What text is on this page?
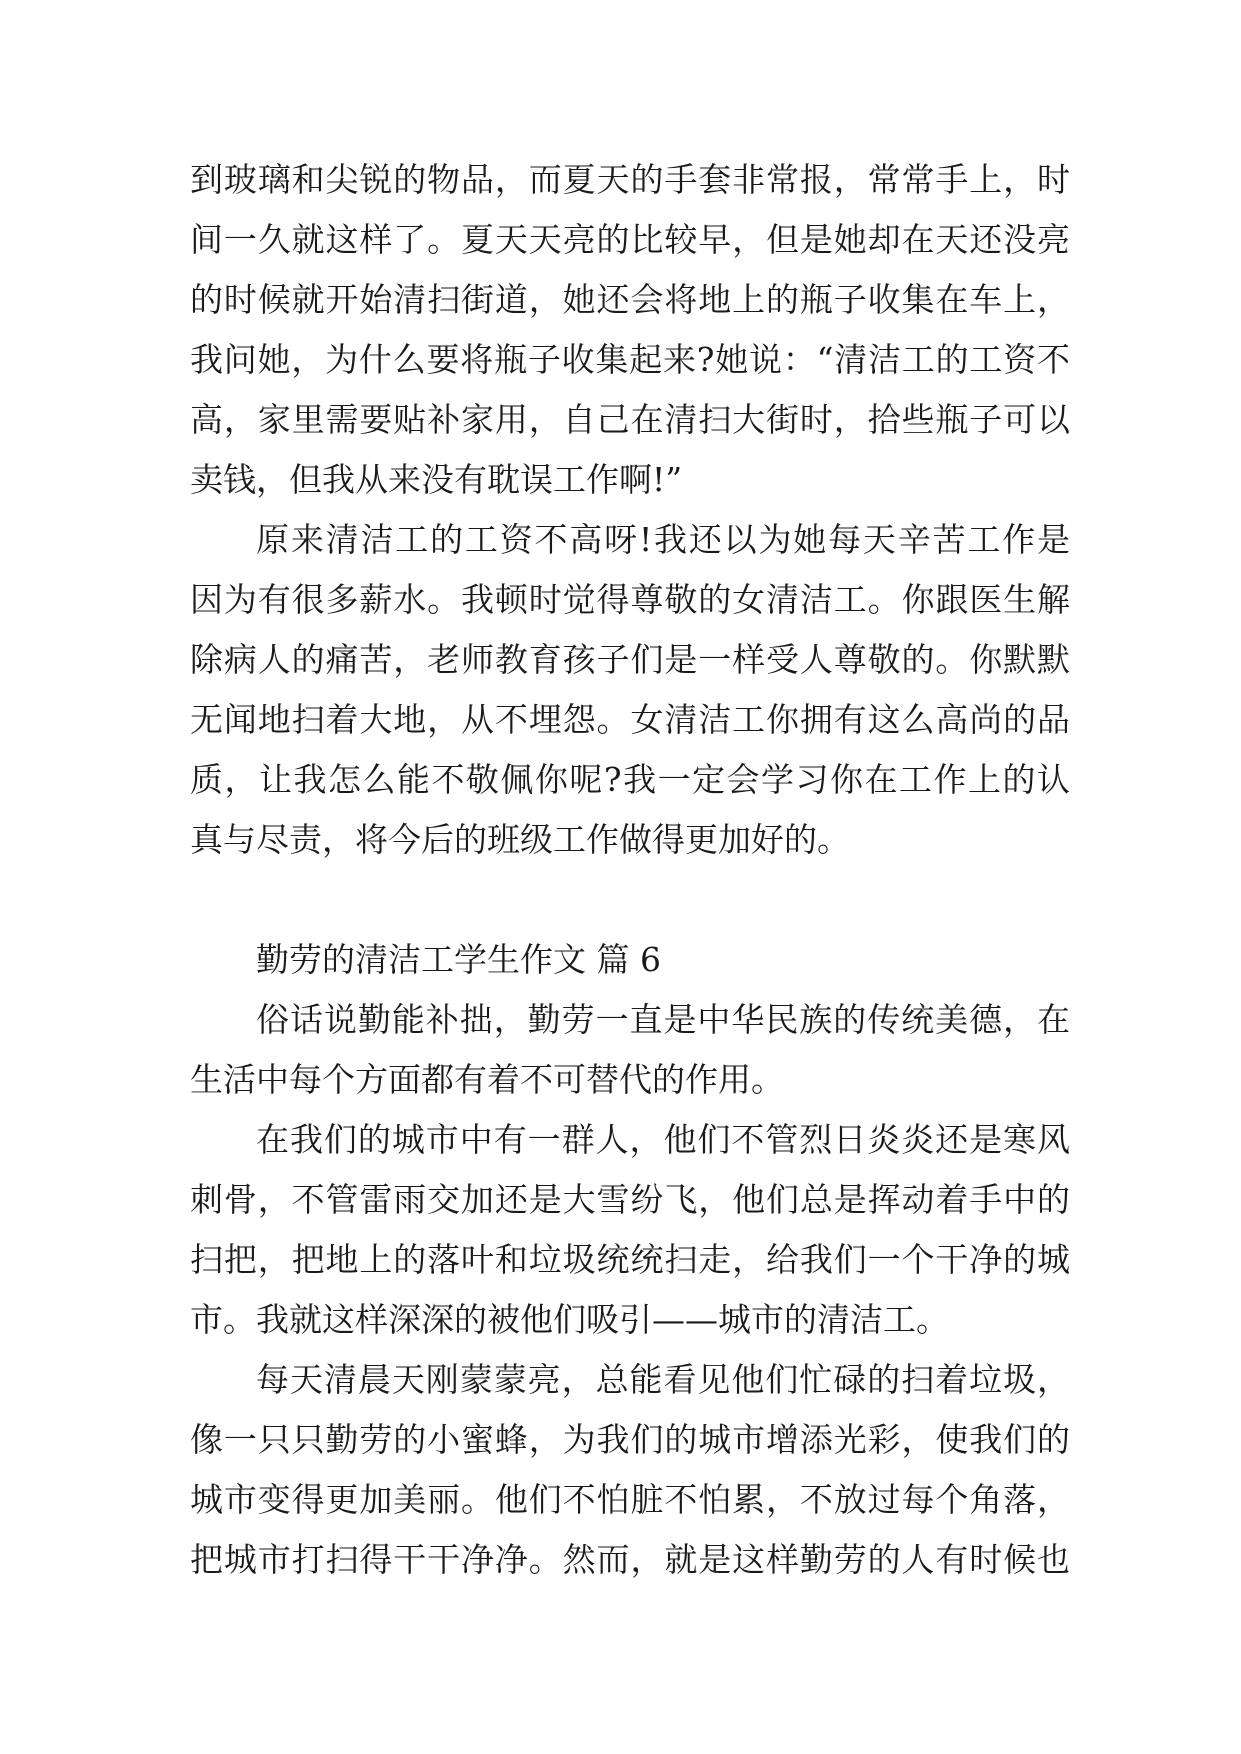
到玻璃和尖锐的物品，而夏天的手套非常报，常常手上，时
间一久就这样了。夏天天亮的比较早，但是她却在天还没亮
的时候就开始清扫街道，她还会将地上的瓶子收集在车上，
我问她，为什么要将瓶子收集起来?她说：“清洁工的工资不
高，家里需要贴补家用，自己在清扫大街时，拾些瓶子可以
卖钱，但我从来没有耽误工作啊!”
原来清洁工的工资不高呀!我还以为她每天辛苦工作是
因为有很多薪水。我顿时觉得尊敬的女清洁工。你跟医生解
除病人的痛苦，老师教育孩子们是一样受人尊敬的。你默默
无闻地扫着大地，从不埋怨。女清洁工你拥有这么高尚的品
质，让我怎么能不敬佩你呢?我一定会学习你在工作上的认
真与尽责，将今后的班级工作做得更加好的。
勤劳的清洁工学生作文 篇 6
俗话说勤能补拙，勤劳一直是中华民族的传统美德，在
生活中每个方面都有着不可替代的作用。
在我们的城市中有一群人，他们不管烈日炎炎还是寒风
刺骨，不管雷雨交加还是大雪纷飞，他们总是挥动着手中的
扫把，把地上的落叶和垃圾统统扫走，给我们一个干净的城
市。我就这样深深的被他们吸引——城市的清洁工。
每天清晨天刚蒙蒙亮，总能看见他们忙碌的扫着垃圾，
像一只只勤劳的小蜜蜂，为我们的城市增添光彩，使我们的
城市变得更加美丽。他们不怕脏不怕累，不放过每个角落，
把城市打扫得干干净净。然而，就是这样勤劳的人有时候也
